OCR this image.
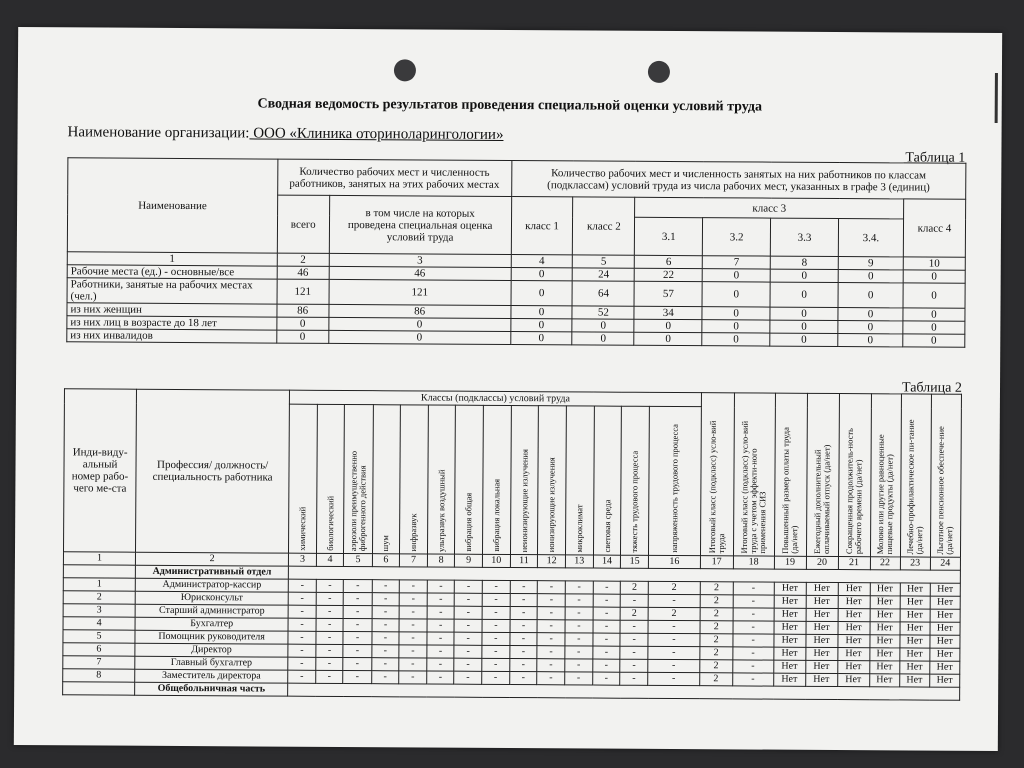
Сводная ведомость результатов проведения специальной оценки условий труда
Наименование организации: ООО «Клиника оториноларингологии»
Таблица 1
Наименование	Количество рабочих мест и численность работников, занятых на этих рабочих местах		Количество рабочих мест и численность занятых на них работников по классам (подклассам) условий труда из числа рабочих мест, указанных в графе 3 (единиц)						
	всего	в том числе на которых проведена специальная оценка условий труда	класс 1	класс 2	класс 3				класс 4
					3.1	3.2	3.3	3.4.	
1	2	3	4	5	6	7	8	9	10
Рабочие места (ед.) - основные/все	46	46	0	24	22	0	0	0	0
Работники, занятые на рабочих местах (чел.)	121	121	0	64	57	0	0	0	0
из них женщин	86	86	0	52	34	0	0	0	0
из них лиц в возрасте до 18 лет	0	0	0	0	0	0	0	0	0
из них инвалидов	0	0	0	0	0	0	0	0	0
Таблица 2
Инди-виду-альный номер рабо-чего ме-ста	Профессия/ должность/ специальность работника	Классы (подклассы) условий труда														Итоговый класс (подкласс) усло-вий труда	Итоговый класс (подкласс) усло-вий труда с учетом эффекти-ного применения СИЗ	Повышенный размер оплаты труда (да/нет)	Ежегодный дополнительный оплачиваемый отпуск (да/нет)	Сокращенная продолжитель-ность рабочего времени (да/нет)	Молоко или другие равноценные пищевые продукты (да/нет)	Лечебно-профилактическое пи-тание (да/нет)	Льготное пенсионное обеспече-ние (да/нет)

		химический	биологический	аэрозоли преимущественно фиброгенного действия	шум	инфразвук	ультразвук воздушный	вибрация общая	вибрация локальная	неионизирующие излучения	ионизирующие излучения	микроклимат	световая среда	тяжесть трудового процесса	напряженность трудового процесса								

1	2	3	4	5	6	7	8	9	10	11	12	13	14	15	16	17	18	19	20	21	22	23	24
	Административный отдел																						
1	Администратор-кассир	-	-	-	-	-	-	-	-	-	-	-	-	2	2	2	-	Нет	Нет	Нет	Нет	Нет	Нет
2	Юрисконсульт	-	-	-	-	-	-	-	-	-	-	-	-	-	-	2	-	Нет	Нет	Нет	Нет	Нет	Нет
3	Старший администратор	-	-	-	-	-	-	-	-	-	-	-	-	2	2	2	-	Нет	Нет	Нет	Нет	Нет	Нет
4	Бухгалтер	-	-	-	-	-	-	-	-	-	-	-	-	-	-	2	-	Нет	Нет	Нет	Нет	Нет	Нет
5	Помощник руководителя	-	-	-	-	-	-	-	-	-	-	-	-	-	-	2	-	Нет	Нет	Нет	Нет	Нет	Нет
6	Директор	-	-	-	-	-	-	-	-	-	-	-	-	-	-	2	-	Нет	Нет	Нет	Нет	Нет	Нет
7	Главный бухгалтер	-	-	-	-	-	-	-	-	-	-	-	-	-	-	2	-	Нет	Нет	Нет	Нет	Нет	Нет
8	Заместитель директора	-	-	-	-	-	-	-	-	-	-	-	-	-	-	2	-	Нет	Нет	Нет	Нет	Нет	Нет
	Общебольничная часть																						
